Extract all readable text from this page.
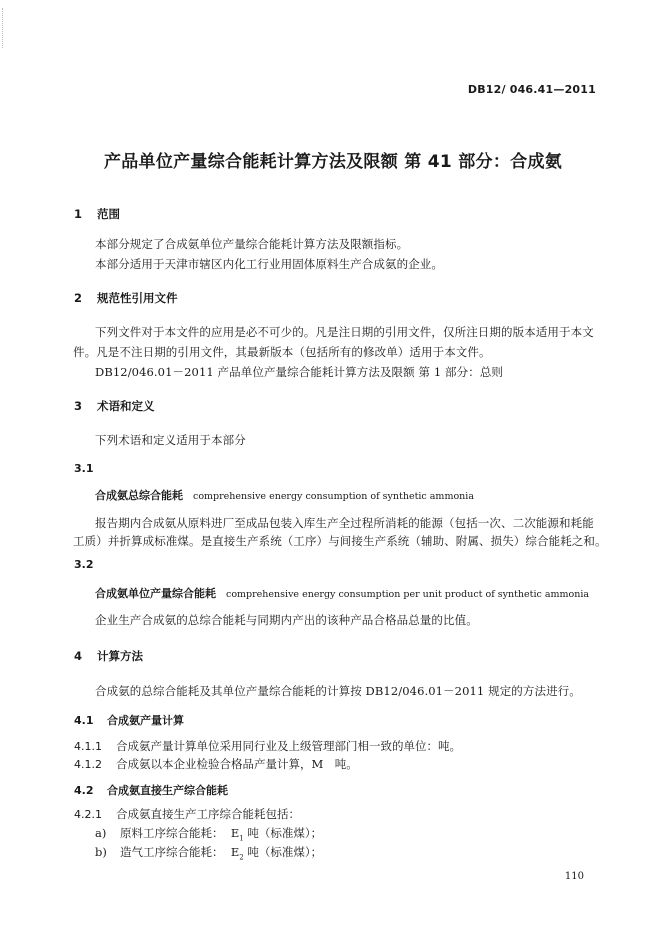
DB12/ 046.41—2011
产品单位产量综合能耗计算方法及限额 第 41 部分：合成氨
1 范围
本部分规定了合成氨单位产量综合能耗计算方法及限额指标。
本部分适用于天津市辖区内化工行业用固体原料生产合成氨的企业。
2 规范性引用文件
下列文件对于本文件的应用是必不可少的。凡是注日期的引用文件，仅所注日期的版本适用于本文
件。凡是不注日期的引用文件，其最新版本（包括所有的修改单）适用于本文件。
DB12/046.01－2011 产品单位产量综合能耗计算方法及限额 第 1 部分：总则
3 术语和定义
下列术语和定义适用于本部分
3.1
合成氨总综合能耗 comprehensive energy consumption of synthetic ammonia
报告期内合成氨从原料进厂至成品包装入库生产全过程所消耗的能源（包括一次、二次能源和耗能
工质）并折算成标准煤。是直接生产系统（工序）与间接生产系统（辅助、附属、损失）综合能耗之和。
3.2
合成氨单位产量综合能耗 comprehensive energy consumption per unit product of synthetic ammonia
企业生产合成氨的总综合能耗与同期内产出的该种产品合格品总量的比值。
4 计算方法
合成氨的总综合能耗及其单位产量综合能耗的计算按 DB12/046.01－2011 规定的方法进行。
4.1 合成氨产量计算
4.1.1 合成氨产量计算单位采用同行业及上级管理部门相一致的单位：吨。
4.1.2 合成氨以本企业检验合格品产量计算，M　吨。
4.2 合成氨直接生产综合能耗
4.2.1 合成氨直接生产工序综合能耗包括：
a) 原料工序综合能耗： $E_1$ 吨（标准煤）；
b) 造气工序综合能耗： $E_2$ 吨（标准煤）；
110
